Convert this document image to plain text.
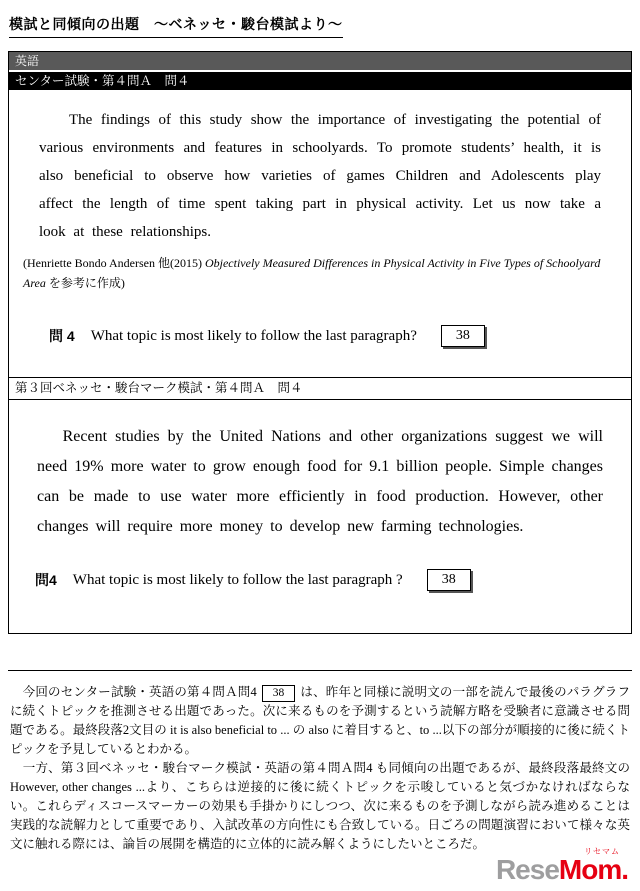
模試と同傾向の出題　～ベネッセ・駿台模試より～
英語
センター試験・第４問Ａ　問４

The findings of this study show the importance of investigating the potential of various environments and features in schoolyards. To promote students’ health, it is also beneficial to observe how varieties of games Children and Adolescents play affect the length of time spent taking part in physical activity. Let us now take a look at these relationships.

(Henriette Bondo Andersen 他(2015) Objectively Measured Differences in Physical Activity in Five Types of Schoolyard Area を参考に作成)

問 4 What topic is most likely to follow the last paragraph?	38
第３回ベネッセ・駿台マーク模試・第４問Ａ　問４

Recent studies by the United Nations and other organizations suggest we will need 19% more water to grow enough food for 9.1 billion people. Simple changes can be made to use water more efficiently in food production. However, other changes will require more money to develop new farming technologies.

問4 What topic is most likely to follow the last paragraph ?	38

　今回のセンター試験・英語の第４問Ａ問4 38 は、昨年と同様に説明文の一部を読んで最後のパラグラフに続くトピックを推測させる出題であった。次に来るものを予測するという読解方略を受験者に意識させる問題である。最終段落2文目の it is also beneficial to ... の also に着目すると、to ...以下の部分が順接的に後に続くトピックを予見しているとわかる。

　一方、第３回ベネッセ・駿台マーク模試・英語の第４問Ａ問4 も同傾向の出題であるが、最終段落最終文の However, other changes ...より、こちらは逆接的に後に続くトピックを示唆していると気づかなければならない。これらディスコースマーカーの効果も手掛かりにしつつ、次に来るものを予測しながら読み進めることは実践的な読解力として重要であり、入試改革の方向性にも合致している。日ごろの問題演習において様々な英文に触れる際には、論旨の展開を構造的に立体的に読み解くようにしたいところだ。

リセマム
ReseMom.
